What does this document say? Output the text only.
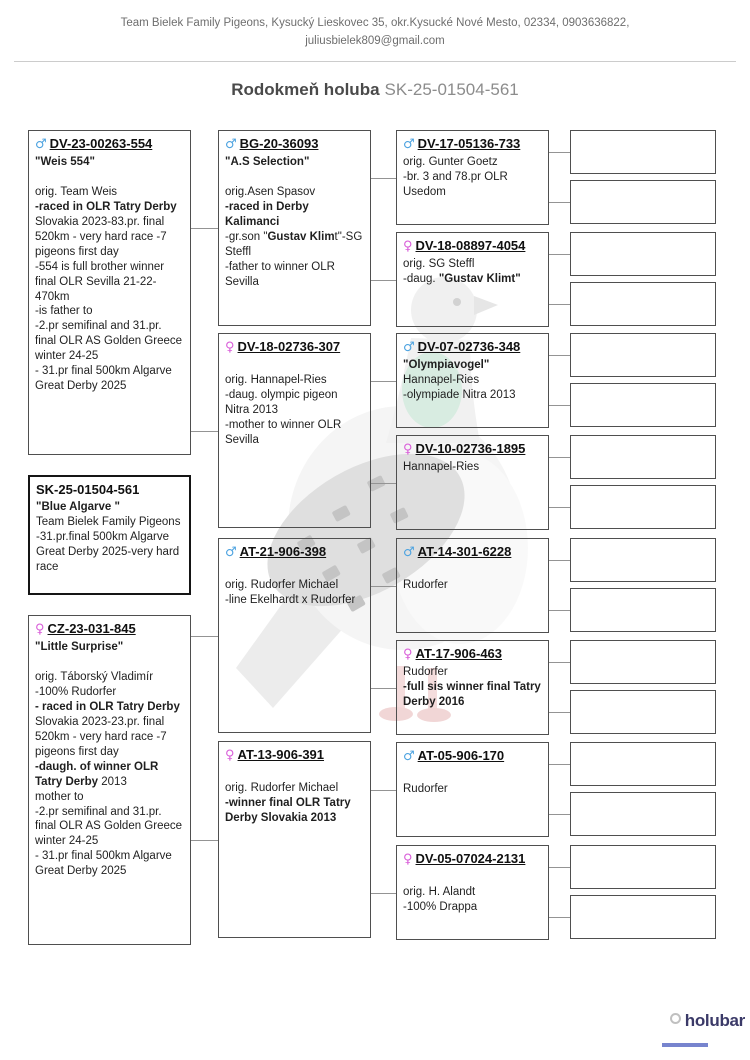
Team Bielek Family Pigeons, Kysucký Lieskovec 35, okr.Kysucké Nové Mesto, 02334, 0903636822,
juliusbielek809@gmail.com
Rodokmeň holuba SK-25-01504-561
♂ DV-23-00263-554
"Weis 554"
orig. Team Weis
-raced in OLR Tatry Derby Slovakia 2023-83.pr. final 520km - very hard race -7 pigeons first day
-554 is full brother winner final OLR Sevilla 21-22-470km
-is father to
-2.pr semifinal and 31.pr. final OLR AS Golden Greece winter 24-25
- 31.pr final 500km Algarve Great Derby 2025
SK-25-01504-561
"Blue Algarve "
Team Bielek Family Pigeons
-31.pr.final 500km Algarve Great Derby 2025-very hard race
♀ CZ-23-031-845
"Little Surprise"
orig. Táborský Vladimír
-100% Rudorfer
- raced in OLR Tatry Derby Slovakia 2023-23.pr. final 520km - very hard race -7 pigeons first day
-daugh. of winner OLR Tatry Derby 2013
mother to
-2.pr semifinal and 31.pr. final OLR AS Golden Greece winter 24-25
- 31.pr final 500km Algarve Great Derby 2025
♂ BG-20-36093
"A.S Selection"
orig.Asen Spasov
-raced in Derby Kalimanci
-gr.son "Gustav Klimt"-SG Steffl
-father to winner OLR Sevilla
♀ DV-18-02736-307
orig. Hannapel-Ries
-daug. olympic pigeon Nitra 2013
-mother to winner OLR Sevilla
♂ AT-21-906-398
orig. Rudorfer Michael
-line Ekelhardt x Rudorfer
♀ AT-13-906-391
orig. Rudorfer Michael
-winner final OLR Tatry Derby Slovakia 2013
♂ DV-17-05136-733
orig. Gunter Goetz
-br. 3 and 78.pr OLR Usedom
♀ DV-18-08897-4054
orig. SG Steffl
-daug. "Gustav Klimt"
♂ DV-07-02736-348
"Olympiavogel"
Hannapel-Ries
-olympiade Nitra 2013
♀ DV-10-02736-1895
Hannapel-Ries
♂ AT-14-301-6228
Rudorfer
♀ AT-17-906-463
Rudorfer
-full sis winner final Tatry Derby 2016
♂ AT-05-906-170
Rudorfer
♀ DV-05-07024-2131
orig. H. Alandt
-100% Drappa
holubar
